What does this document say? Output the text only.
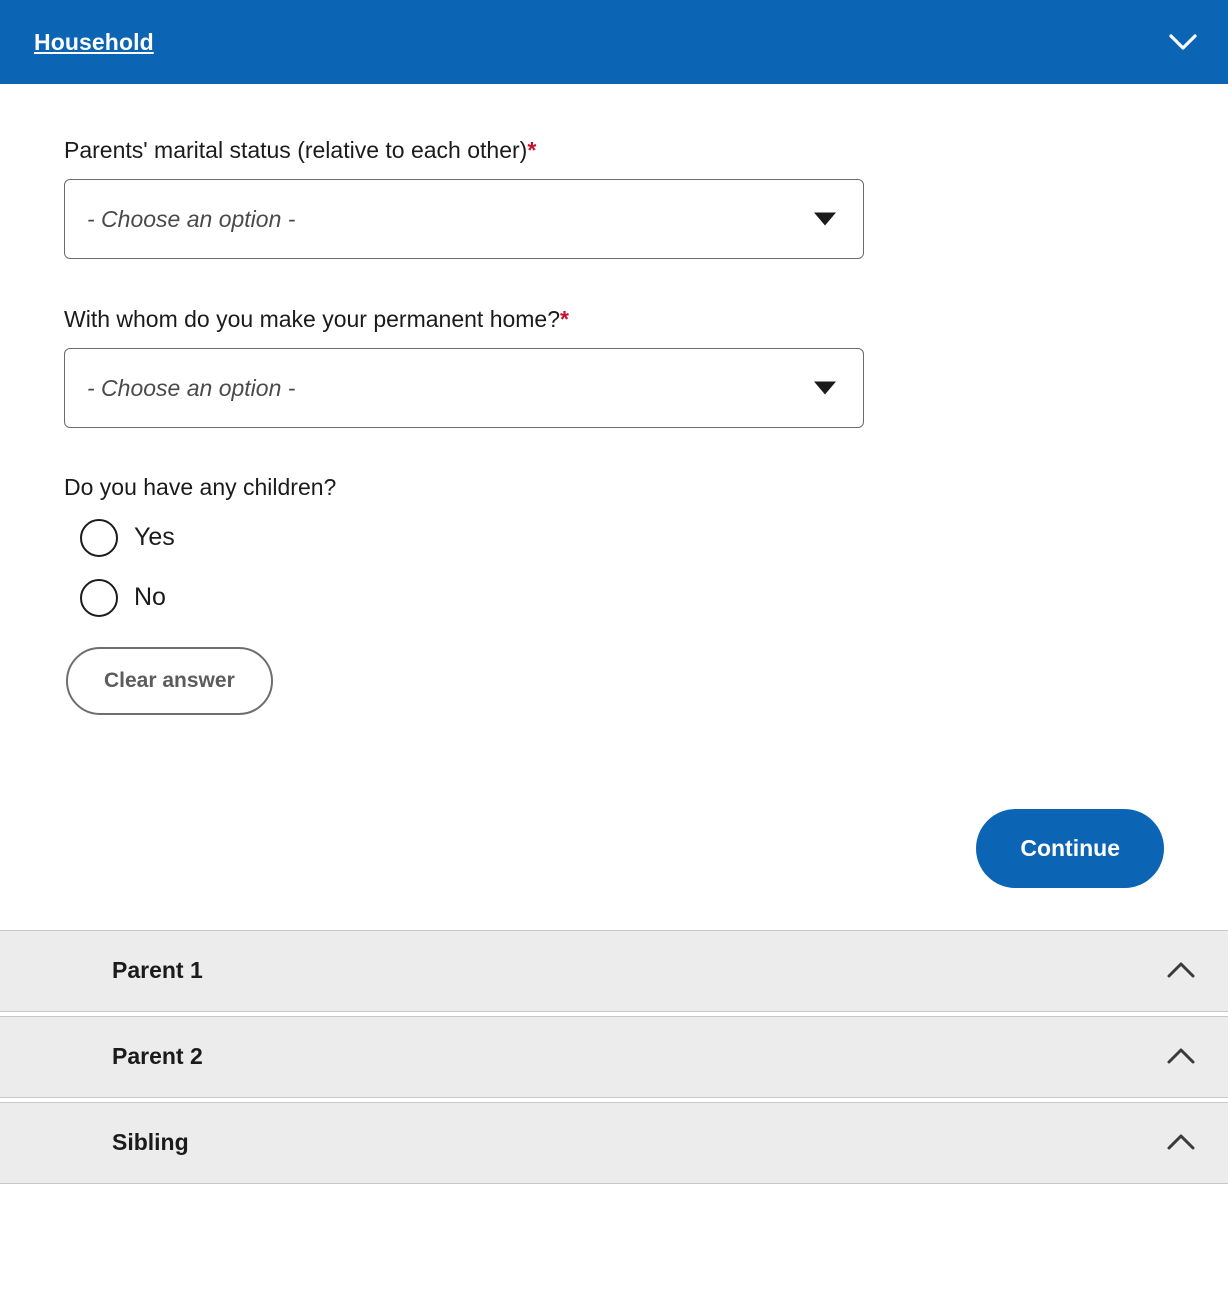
Household
Parents' marital status (relative to each other)*
- Choose an option -
With whom do you make your permanent home?*
- Choose an option -
Do you have any children?
Yes
No
Clear answer
Continue
Parent 1
Parent 2
Sibling
